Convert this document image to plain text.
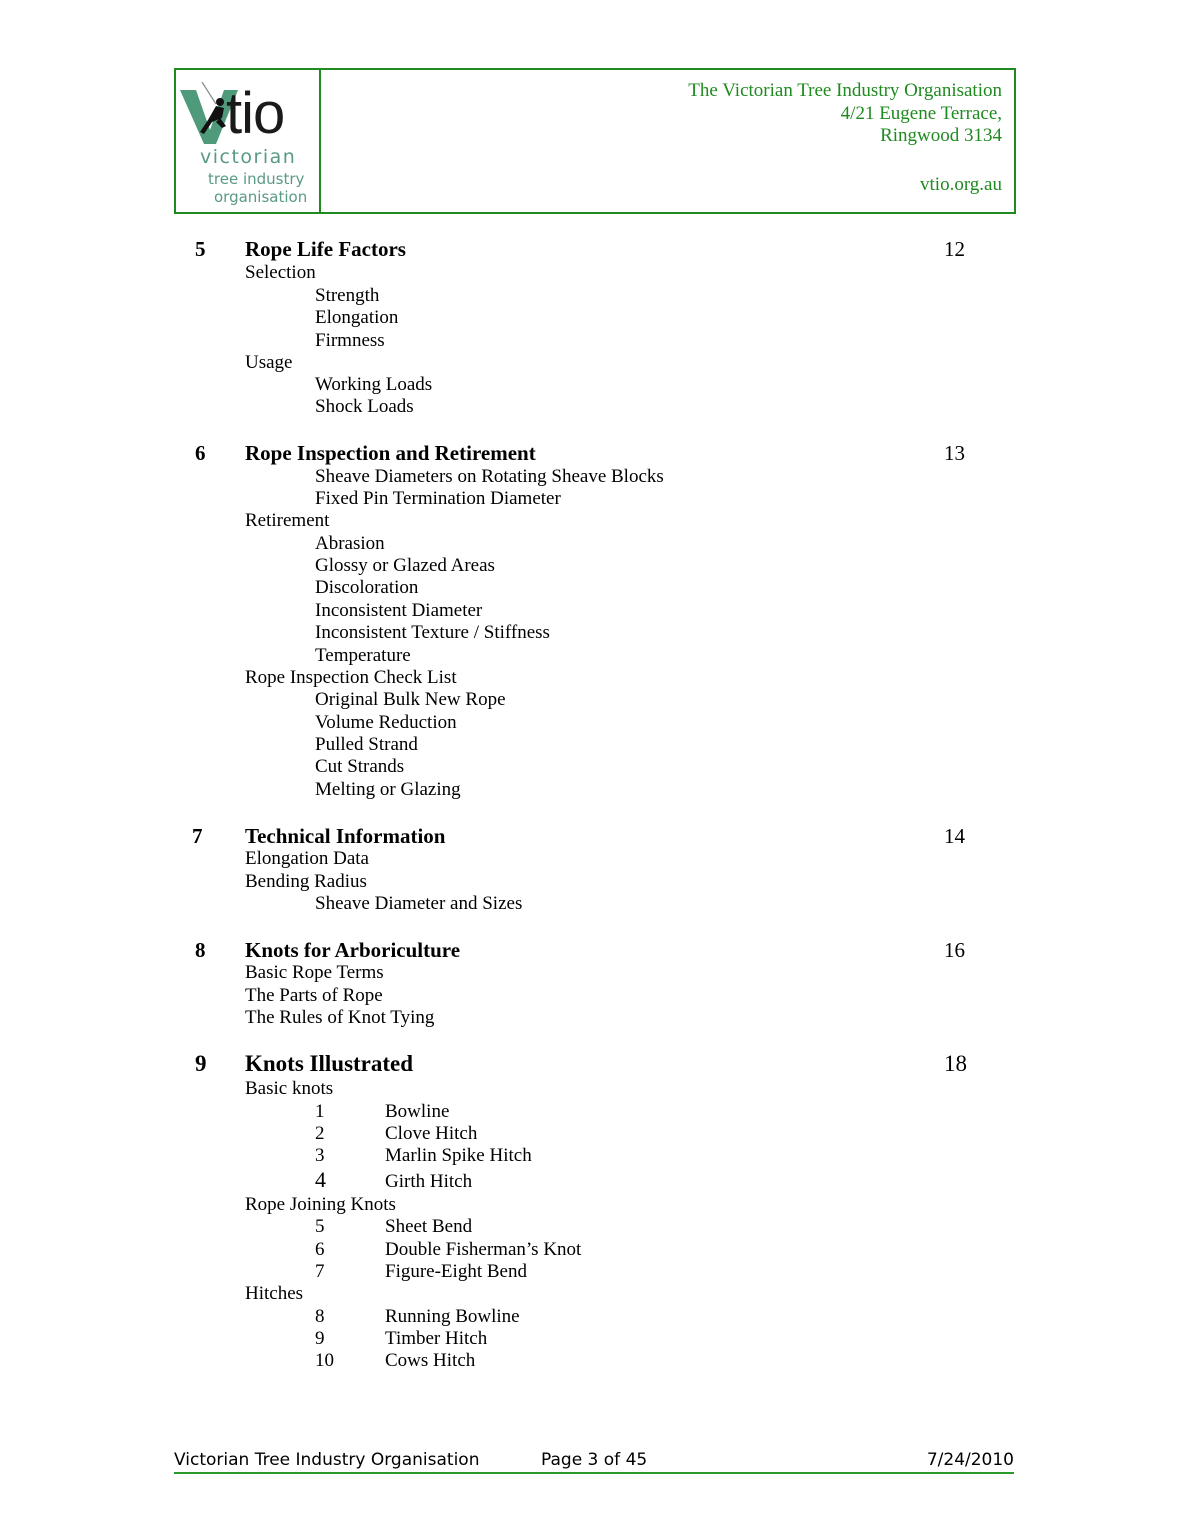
tio
victorian
tree industry
organisation
The Victorian Tree Industry Organisation
4/21 Eugene Terrace,
Ringwood 3134
vtio.org.au
5 Rope Life Factors	12
Selection
Strength
Elongation
Firmness
Usage
Working Loads
Shock Loads
6 Rope Inspection and Retirement	13
Sheave Diameters on Rotating Sheave Blocks
Fixed Pin Termination Diameter
Retirement
Abrasion
Glossy or Glazed Areas
Discoloration
Inconsistent Diameter
Inconsistent Texture / Stiffness
Temperature
Rope Inspection Check List
Original Bulk New Rope
Volume Reduction
Pulled Strand
Cut Strands
Melting or Glazing
7 Technical Information	14
Elongation Data
Bending Radius
Sheave Diameter and Sizes
8 Knots for Arboriculture	16
Basic Rope Terms
The Parts of Rope
The Rules of Knot Tying
9 Knots Illustrated	18
Basic knots
1	Bowline
2	Clove Hitch
3	Marlin Spike Hitch
4	Girth Hitch
Rope Joining Knots
5	Sheet Bend
6	Double Fisherman’s Knot
7	Figure-Eight Bend
Hitches
8	Running Bowline
9	Timber Hitch
10	Cows Hitch
Victorian Tree Industry Organisation	Page 3 of 45	7/24/2010
